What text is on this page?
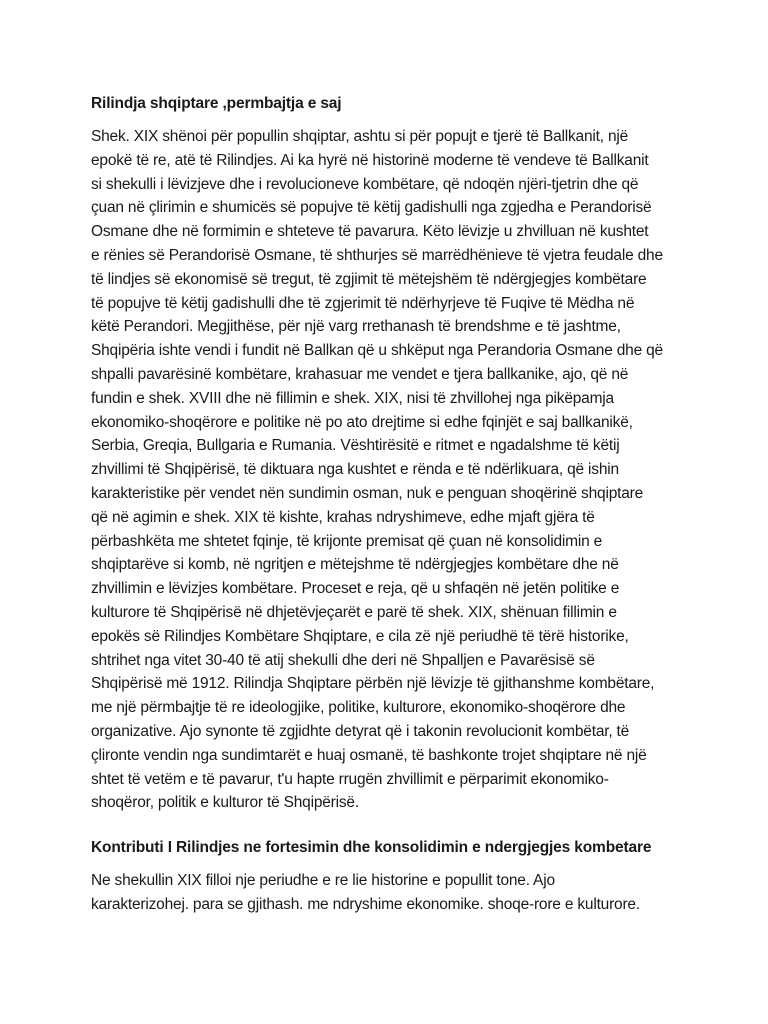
Rilindja shqiptare ,permbajtja e saj
Shek. XIX shënoi për popullin shqiptar, ashtu si për popujt e tjerë të Ballkanit, një
epokë të re, atë të Rilindjes. Ai ka hyrë në historinë moderne të vendeve të Ballkanit
si shekulli i lëvizjeve dhe i revolucioneve kombëtare, që ndoqën njëri-tjetrin dhe që
çuan në çlirimin e shumicës së popujve të këtij gadishulli nga zgjedha e Perandorisë
Osmane dhe në formimin e shteteve të pavarura. Këto lëvizje u zhvilluan në kushtet
e rënies së Perandorisë Osmane, të shthurjes së marrëdhënieve të vjetra feudale dhe
të lindjes së ekonomisë së tregut, të zgjimit të mëtejshëm të ndërgjegjes kombëtare
të popujve të këtij gadishulli dhe të zgjerimit të ndërhyrjeve të Fuqive të Mëdha në
këtë Perandori. Megjithëse, për një varg rrethanash të brendshme e të jashtme,
Shqipëria ishte vendi i fundit në Ballkan që u shkëput nga Perandoria Osmane dhe që
shpalli pavarësinë kombëtare, krahasuar me vendet e tjera ballkanike, ajo, që në
fundin e shek. XVIII dhe në fillimin e shek. XIX, nisi të zhvillohej nga pikëpamja
ekonomiko-shoqërore e politike në po ato drejtime si edhe fqinjët e saj ballkanikë,
Serbia, Greqia, Bullgaria e Rumania. Vështirësitë e ritmet e ngadalshme të këtij
zhvillimi të Shqipërisë, të diktuara nga kushtet e rënda e të ndërlikuara, që ishin
karakteristike për vendet nën sundimin osman, nuk e penguan shoqërinë shqiptare
që në agimin e shek. XIX të kishte, krahas ndryshimeve, edhe mjaft gjëra të
përbashkëta me shtetet fqinje, të krijonte premisat që çuan në konsolidimin e
shqiptarëve si komb, në ngritjen e mëtejshme të ndërgjegjes kombëtare dhe në
zhvillimin e lëvizjes kombëtare. Proceset e reja, që u shfaqën në jetën politike e
kulturore të Shqipërisë në dhjetëvjeçarët e parë të shek. XIX, shënuan fillimin e
epokës së Rilindjes Kombëtare Shqiptare, e cila zë një periudhë të tërë historike,
shtrihet nga vitet 30-40 të atij shekulli dhe deri në Shpalljen e Pavarësisë së
Shqipërisë më 1912. Rilindja Shqiptare përbën një lëvizje të gjithanshme kombëtare,
me një përmbajtje të re ideologjike, politike, kulturore, ekonomiko-shoqërore dhe
organizative. Ajo synonte të zgjidhte detyrat që i takonin revolucionit kombëtar, të
çlironte vendin nga sundimtarët e huaj osmanë, të bashkonte trojet shqiptare në një
shtet të vetëm e të pavarur, t'u hapte rrugën zhvillimit e përparimit ekonomiko-
shoqëror, politik e kulturor të Shqipërisë.
Kontributi I Rilindjes ne fortesimin dhe konsolidimin e ndergjegjes kombetare
Ne shekullin XIX filloi nje periudhe e re lie historine e popullit tone. Ajo
karakterizohej. para se gjithash. me ndryshime ekonomike. shoqe-rore e kulturore.
